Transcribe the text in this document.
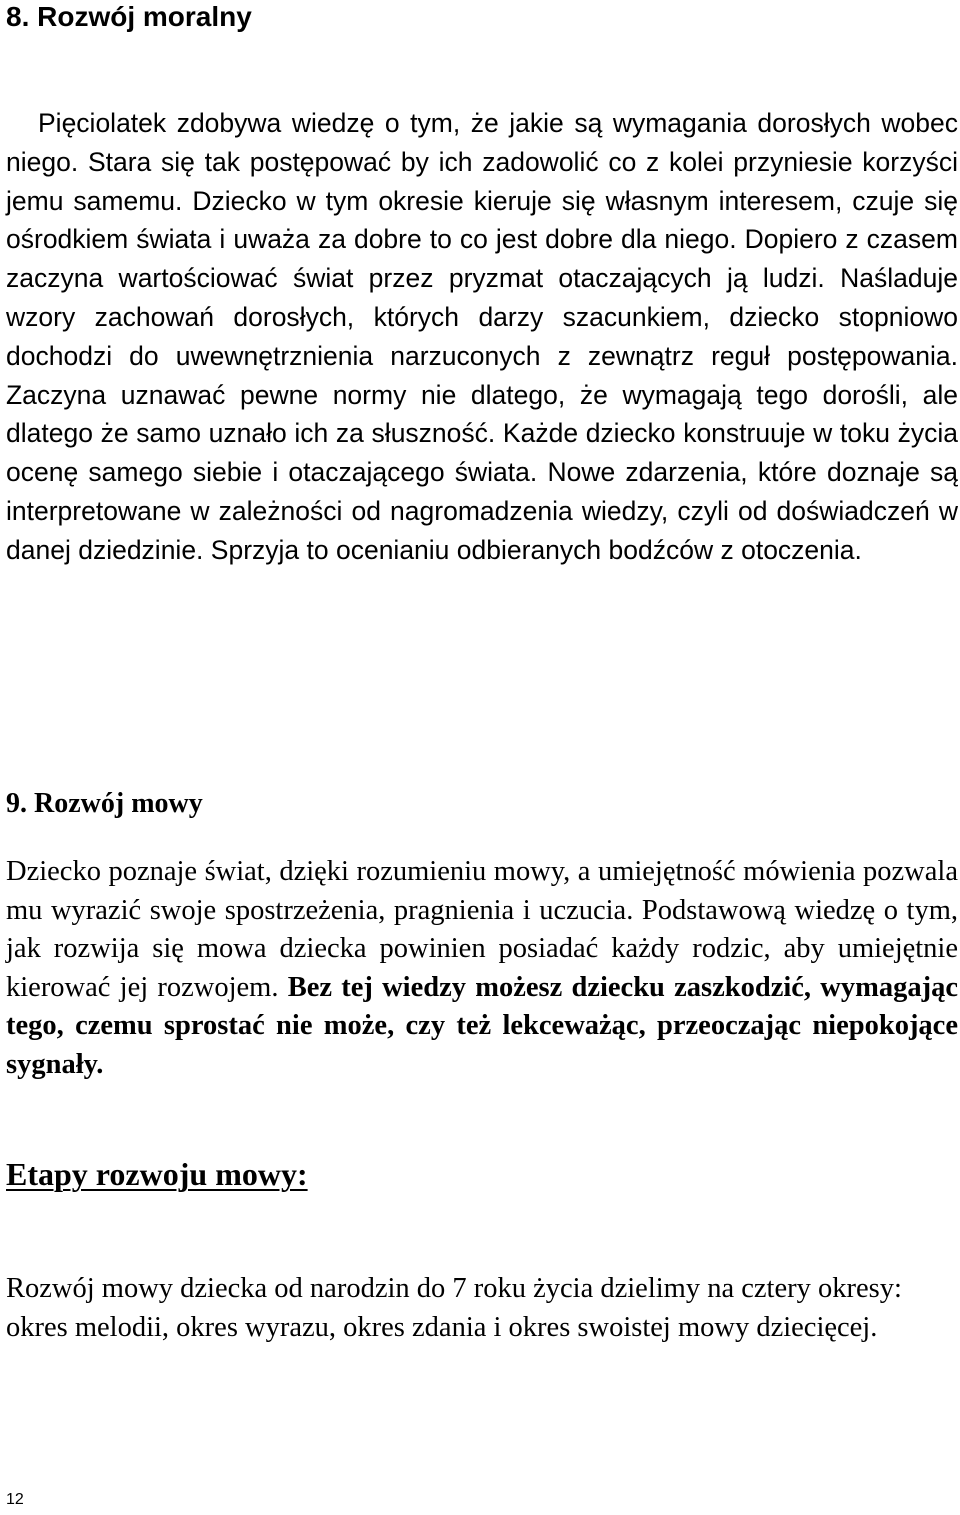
8. Rozwój moralny

Pięciolatek zdobywa wiedzę o tym, że jakie są wymagania dorosłych wobec niego. Stara się tak postępować by ich zadowolić co z kolei przyniesie korzyści jemu samemu. Dziecko w tym okresie kieruje się własnym interesem, czuje się ośrodkiem świata i uważa za dobre to co jest dobre dla niego. Dopiero z czasem zaczyna wartościować świat przez pryzmat otaczających ją ludzi. Naśladuje wzory zachowań dorosłych, których darzy szacunkiem, dziecko stopniowo dochodzi do uwewnętrznienia narzuconych z zewnątrz reguł postępowania. Zaczyna uznawać pewne normy nie dlatego, że wymagają tego dorośli, ale dlatego że samo uznało ich za słuszność. Każde dziecko konstruuje w toku życia ocenę samego siebie i otaczającego świata. Nowe zdarzenia, które doznaje są interpretowane w zależności od nagromadzenia wiedzy, czyli od doświadczeń w danej dziedzinie. Sprzyja to ocenianiu odbieranych bodźców z otoczenia.

9. Rozwój mowy

Dziecko poznaje świat, dzięki rozumieniu mowy, a umiejętność mówienia pozwala mu wyrazić swoje spostrzeżenia, pragnienia i uczucia. Podstawową wiedzę o tym, jak rozwija się mowa dziecka powinien posiadać każdy rodzic, aby umiejętnie kierować jej rozwojem. Bez tej wiedzy możesz dziecku zaszkodzić, wymagając tego, czemu sprostać nie może, czy też lekceważąc, przeoczając niepokojące sygnały.

Etapy rozwoju mowy:

Rozwój mowy dziecka od narodzin do 7 roku życia dzielimy na cztery okresy: okres melodii, okres wyrazu, okres zdania i okres swoistej mowy dziecięcej.

12
